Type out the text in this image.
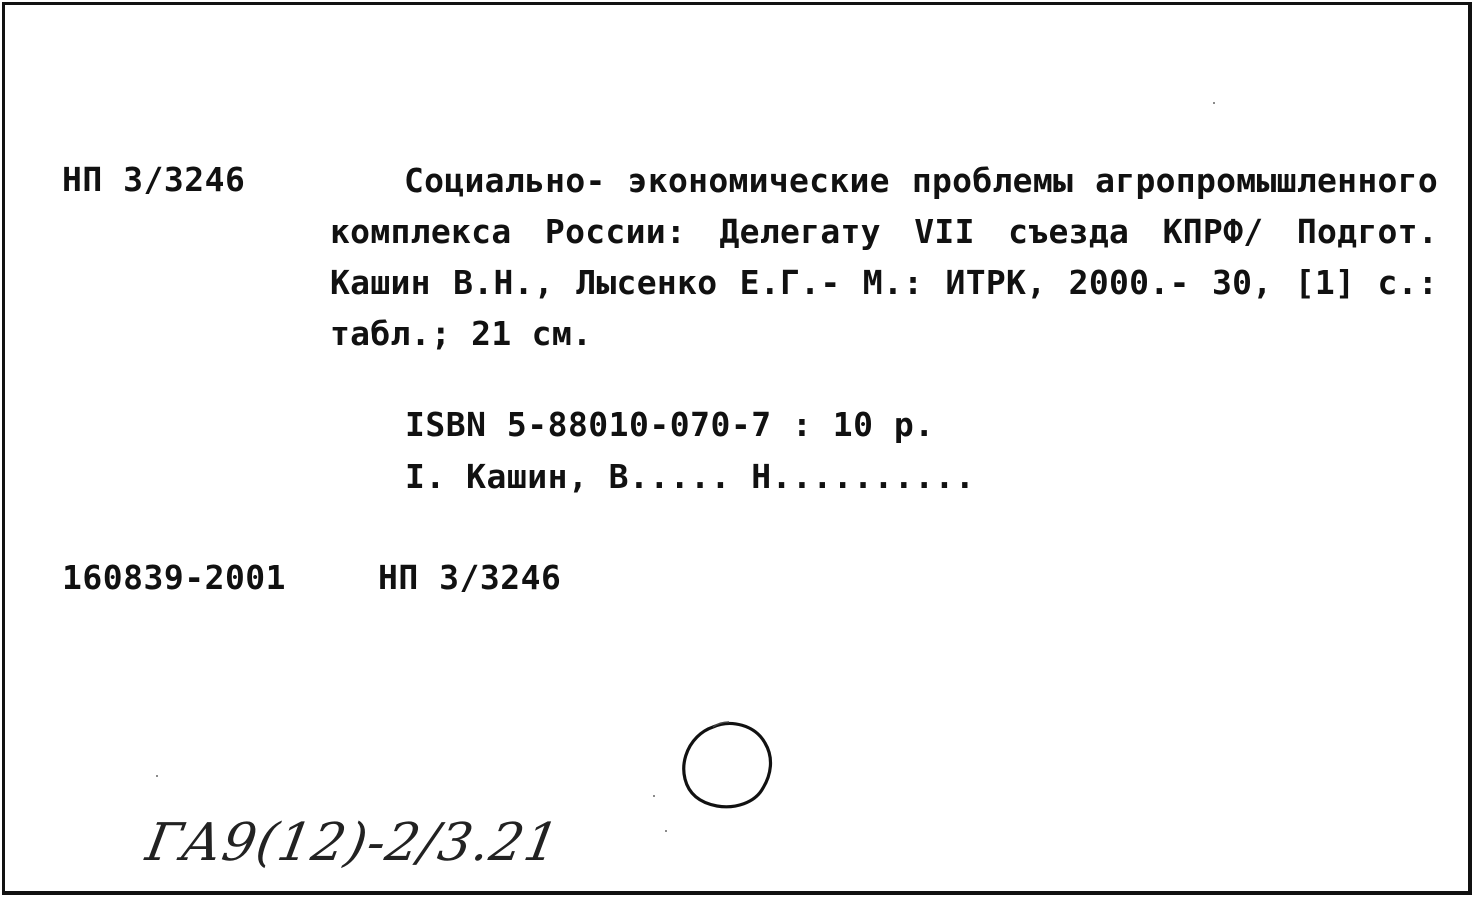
НП 3/3246	Социально- экономические проблемы агропромышленного комплекса России: Делегату VII съезда КПРФ/ Подгот. Кашин В.Н., Лысенко Е.Г.- М.: ИТРК, 2000.- 30, [1] с.: табл.; 21 см.
ISBN 5-88010-070-7 : 10 р.
I. Кашин, В..... Н..........
160839-2001	НП 3/3246
ГА9(12)-2/3.21
